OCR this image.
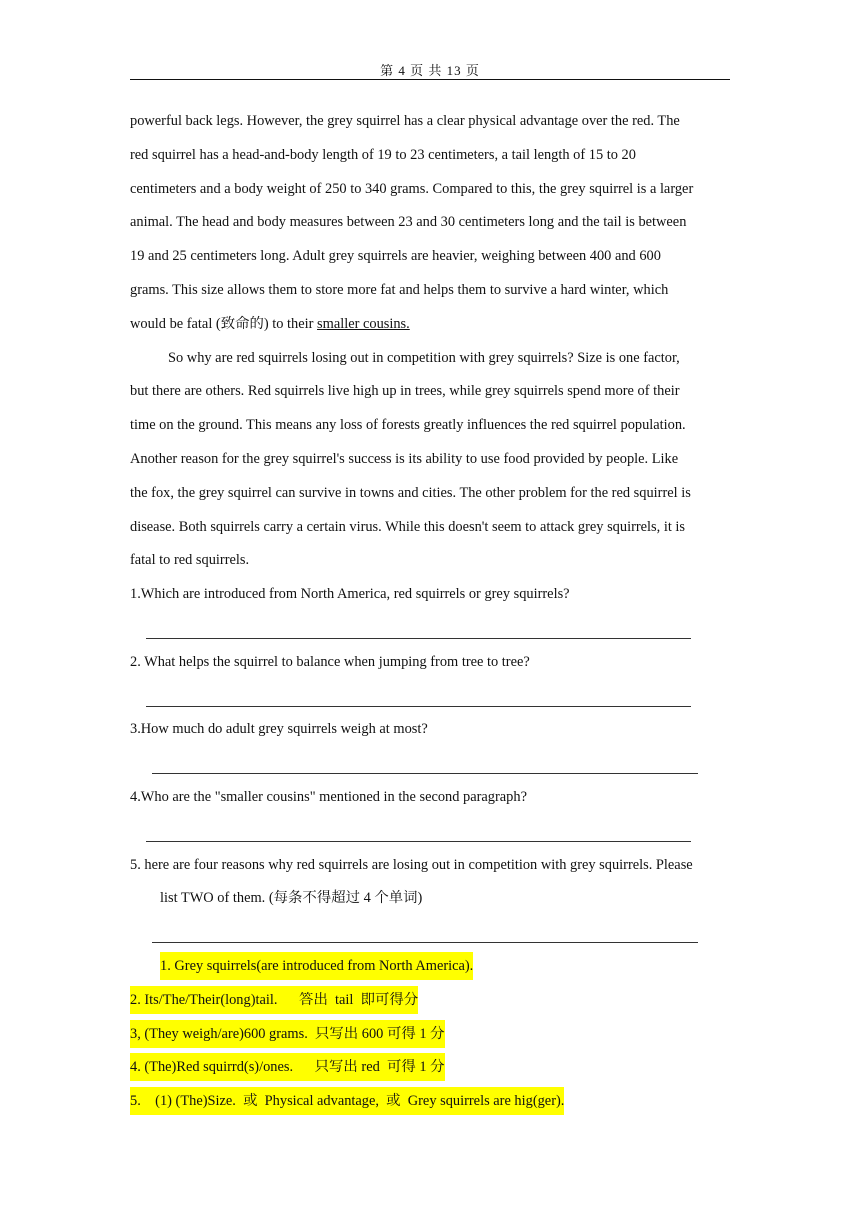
第 4 页 共 13 页
powerful back legs. However, the grey squirrel has a clear physical advantage over the red. The
red squirrel has a head-and-body length of 19 to 23 centimeters, a tail length of 15 to 20
centimeters and a body weight of 250 to 340 grams. Compared to this, the grey squirrel is a larger
animal. The head and body measures between 23 and 30 centimeters long and the tail is between
19 and 25 centimeters long. Adult grey squirrels are heavier, weighing between 400 and 600
grams. This size allows them to store more fat and helps them to survive a hard winter, which
would be fatal (致命的) to their smaller cousins.
So why are red squirrels losing out in competition with grey squirrels? Size is one factor,
but there are others. Red squirrels live high up in trees, while grey squirrels spend more of their
time on the ground. This means any loss of forests greatly influences the red squirrel population.
Another reason for the grey squirrel's success is its ability to use food provided by people. Like
the fox, the grey squirrel can survive in towns and cities. The other problem for the red squirrel is
disease. Both squirrels carry a certain virus. While this doesn't seem to attack grey squirrels, it is
fatal to red squirrels.
1.Which are introduced from North America, red squirrels or grey squirrels?
2. What helps the squirrel to balance when jumping from tree to tree?
3.How much do adult grey squirrels weigh at most?
4.Who are the "smaller cousins" mentioned in the second paragraph?
5. here are four reasons why red squirrels are losing out in competition with grey squirrels. Please
list TWO of them. (每条不得超过 4 个单词)
1. Grey squirrels(are introduced from North America).
2. Its/The/Their(long)tail.      答出  tail  即可得分
3, (They weigh/are)600 grams.  只写出 600 可得 1 分
4. (The)Red squirrd(s)/ones.      只写出 red  可得 1 分
5.    (1) (The)Size.  或  Physical advantage,  或  Grey squirrels are hig(ger).
